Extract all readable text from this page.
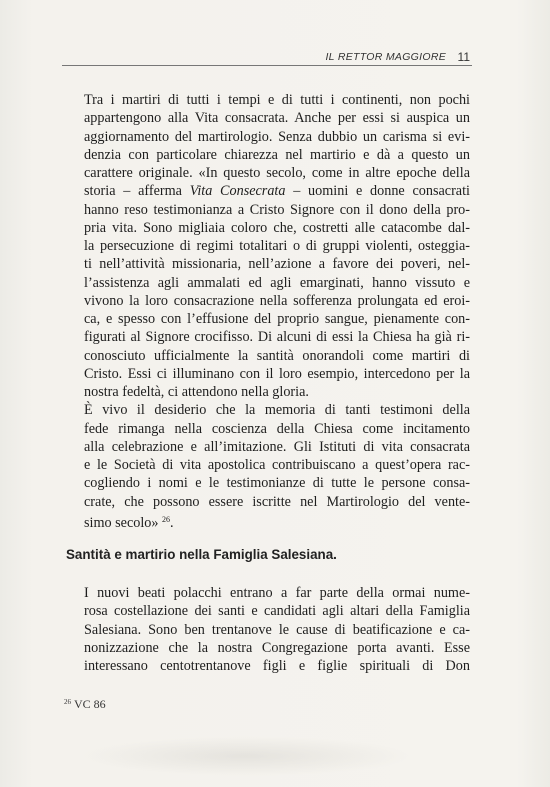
IL RETTOR MAGGIORE 11

Tra i martiri di tutti i tempi e di tutti i continenti, non pochi
appartengono alla Vita consacrata. Anche per essi si auspica un
aggiornamento del martirologio. Senza dubbio un carisma si evi-
denzia con particolare chiarezza nel martirio e dà a questo un
carattere originale. «In questo secolo, come in altre epoche della
storia – afferma Vita Consecrata – uomini e donne consacrati
hanno reso testimonianza a Cristo Signore con il dono della pro-
pria vita. Sono migliaia coloro che, costretti alle catacombe dal-
la persecuzione di regimi totalitari o di gruppi violenti, osteggia-
ti nell’attività missionaria, nell’azione a favore dei poveri, nel-
l’assistenza agli ammalati ed agli emarginati, hanno vissuto e
vivono la loro consacrazione nella sofferenza prolungata ed eroi-
ca, e spesso con l’effusione del proprio sangue, pienamente con-
figurati al Signore crocifisso. Di alcuni di essi la Chiesa ha già ri-
conosciuto ufficialmente la santità onorandoli come martiri di
Cristo. Essi ci illuminano con il loro esempio, intercedono per la
nostra fedeltà, ci attendono nella gloria.

È vivo il desiderio che la memoria di tanti testimoni della
fede rimanga nella coscienza della Chiesa come incitamento
alla celebrazione e all’imitazione. Gli Istituti di vita consacrata
e le Società di vita apostolica contribuiscano a quest’opera rac-
cogliendo i nomi e le testimonianze di tutte le persone consa-
crate, che possono essere iscritte nel Martirologio del vente-
simo secolo» $^{26}$.

Santità e martirio nella Famiglia Salesiana.

I nuovi beati polacchi entrano a far parte della ormai nume-
rosa costellazione dei santi e candidati agli altari della Famiglia
Salesiana. Sono ben trentanove le cause di beatificazione e ca-
nonizzazione che la nostra Congregazione porta avanti. Esse
interessano centotrentanove figli e figlie spirituali di Don

$^{26}$ VC 86
